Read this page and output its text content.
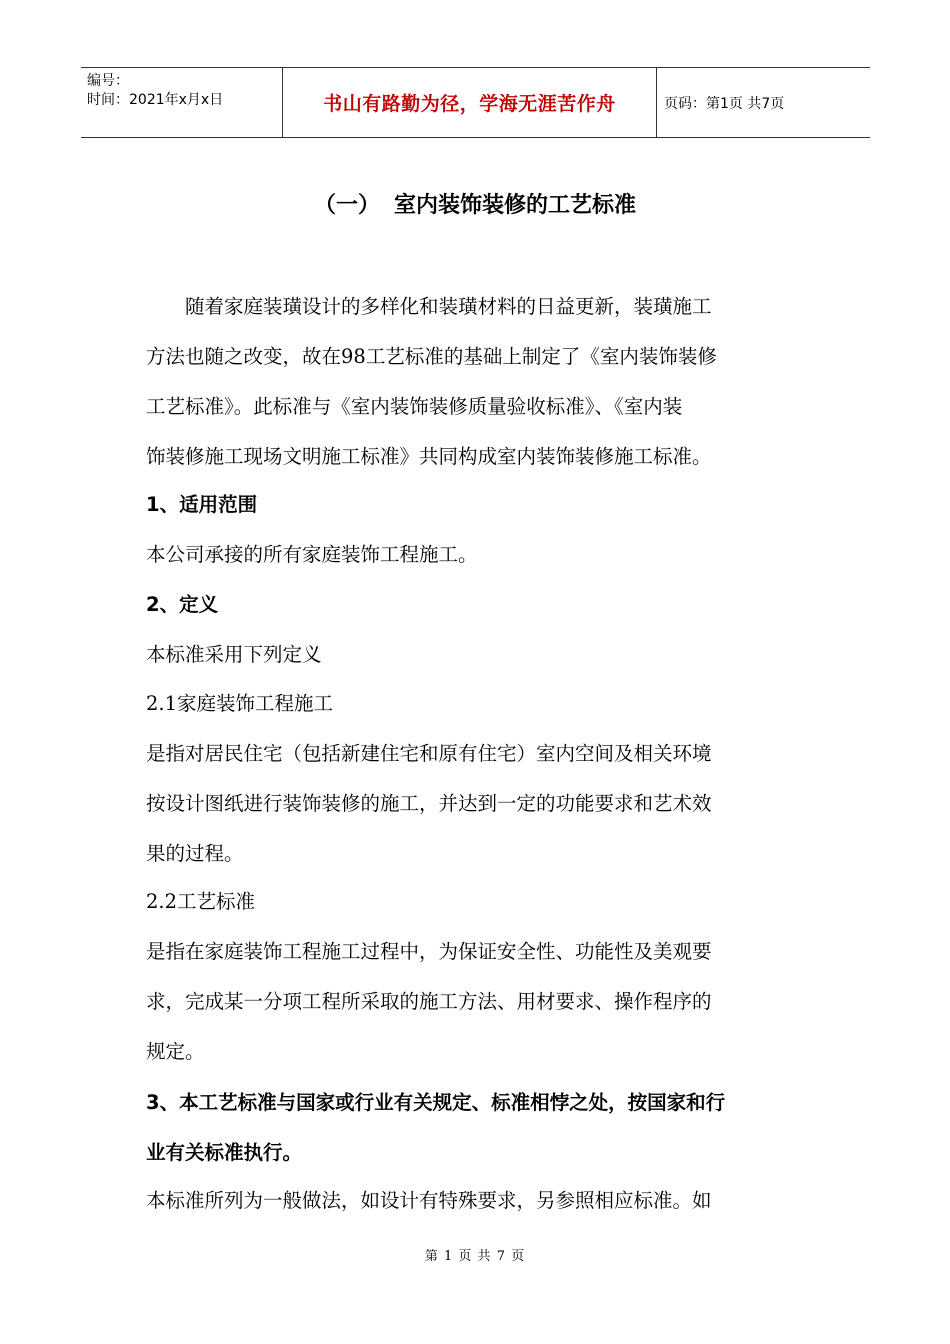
编号：
时间：2021年x月x日	书山有路勤为径，学海无涯苦作舟	页码：第1页 共7页
（一） 室内装饰装修的工艺标准
　　随着家庭装璜设计的多样化和装璜材料的日益更新，装璜施工
方法也随之改变，故在98工艺标准的基础上制定了《室内装饰装修
工艺标准》。此标准与《室内装饰装修质量验收标准》、《室内装
饰装修施工现场文明施工标准》共同构成室内装饰装修施工标准。
1、适用范围
本公司承接的所有家庭装饰工程施工。
2、定义
本标准采用下列定义
2.1家庭装饰工程施工
是指对居民住宅（包括新建住宅和原有住宅）室内空间及相关环境
按设计图纸进行装饰装修的施工，并达到一定的功能要求和艺术效
果的过程。
2.2工艺标准
是指在家庭装饰工程施工过程中，为保证安全性、功能性及美观要
求，完成某一分项工程所采取的施工方法、用材要求、操作程序的
规定。
3、本工艺标准与国家或行业有关规定、标准相悖之处，按国家和行
业有关标准执行。
本标准所列为一般做法，如设计有特殊要求，另参照相应标准。如
第 1 页 共 7 页
